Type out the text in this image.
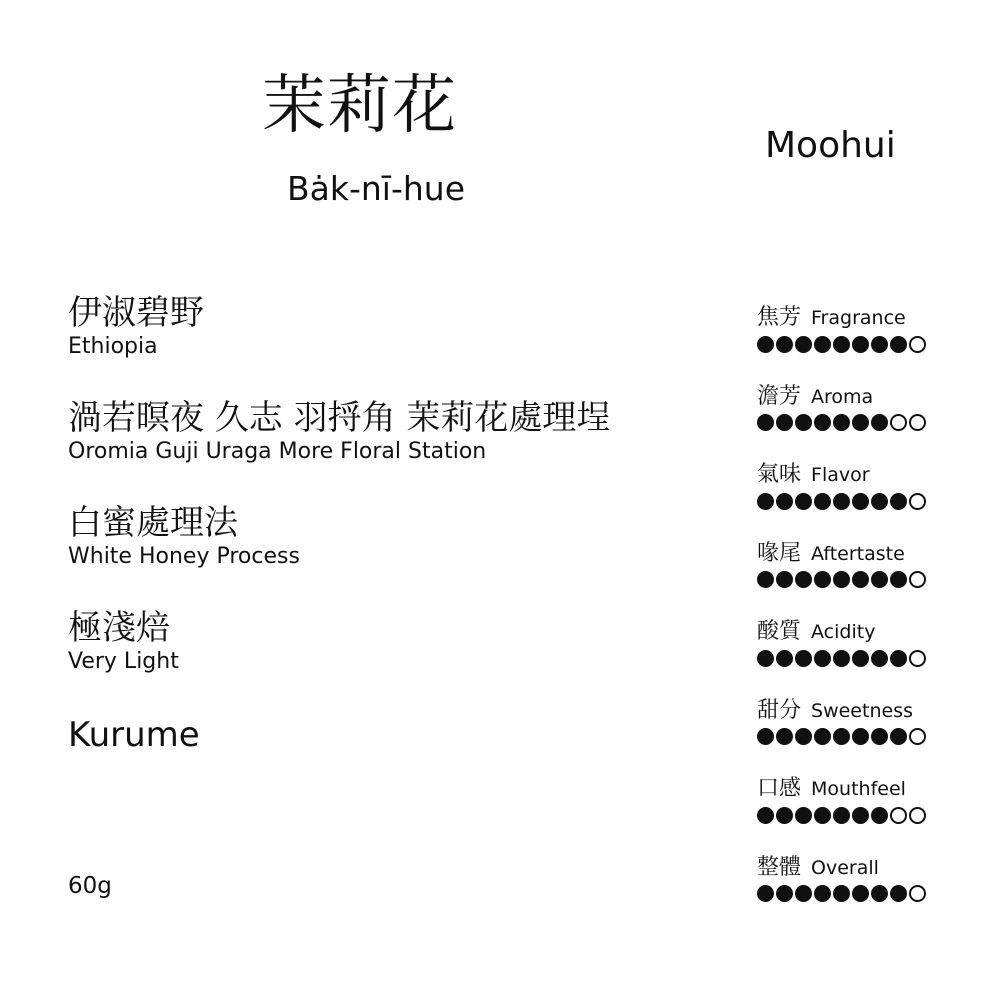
茉莉花
Bȧk-nī-hue
Moohui
伊淑碧野
Ethiopia
渦若暝夜 久志 羽捋角 茉莉花處理埕
Oromia Guji Uraga More Floral Station
白蜜處理法
White Honey Process
極淺焙
Very Light
Kurume
60g
焦芳 Fragrance
澹芳 Aroma
氣味 Flavor
喙尾 Aftertaste
酸質 Acidity
甜分 Sweetness
口感 Mouthfeel
整體 Overall
